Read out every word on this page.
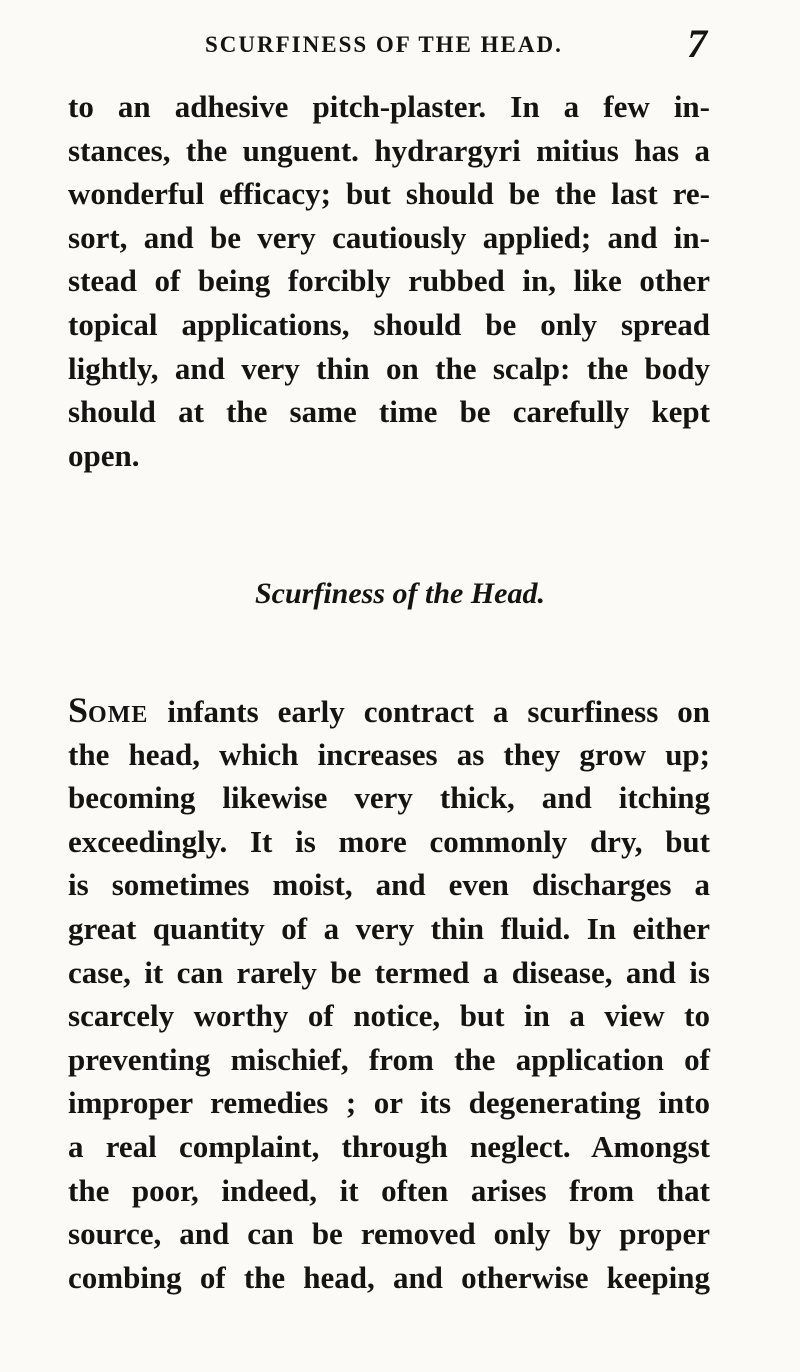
SCURFINESS OF THE HEAD.	7
to an adhesive pitch-plaster. In a few in-
stances, the unguent. hydrargyri mitius has a
wonderful efficacy; but should be the last re-
sort, and be very cautiously applied; and in-
stead of being forcibly rubbed in, like other
topical applications, should be only spread
lightly, and very thin on the scalp: the body
should at the same time be carefully kept
open.
Scurfiness of the Head.
SOME infants early contract a scurfiness on
the head, which increases as they grow up;
becoming likewise very thick, and itching
exceedingly. It is more commonly dry, but
is sometimes moist, and even discharges a
great quantity of a very thin fluid. In either
case, it can rarely be termed a disease, and is
scarcely worthy of notice, but in a view to
preventing mischief, from the application of
improper remedies ; or its degenerating into
a real complaint, through neglect. Amongst
the poor, indeed, it often arises from that
source, and can be removed only by proper
combing of the head, and otherwise keeping
